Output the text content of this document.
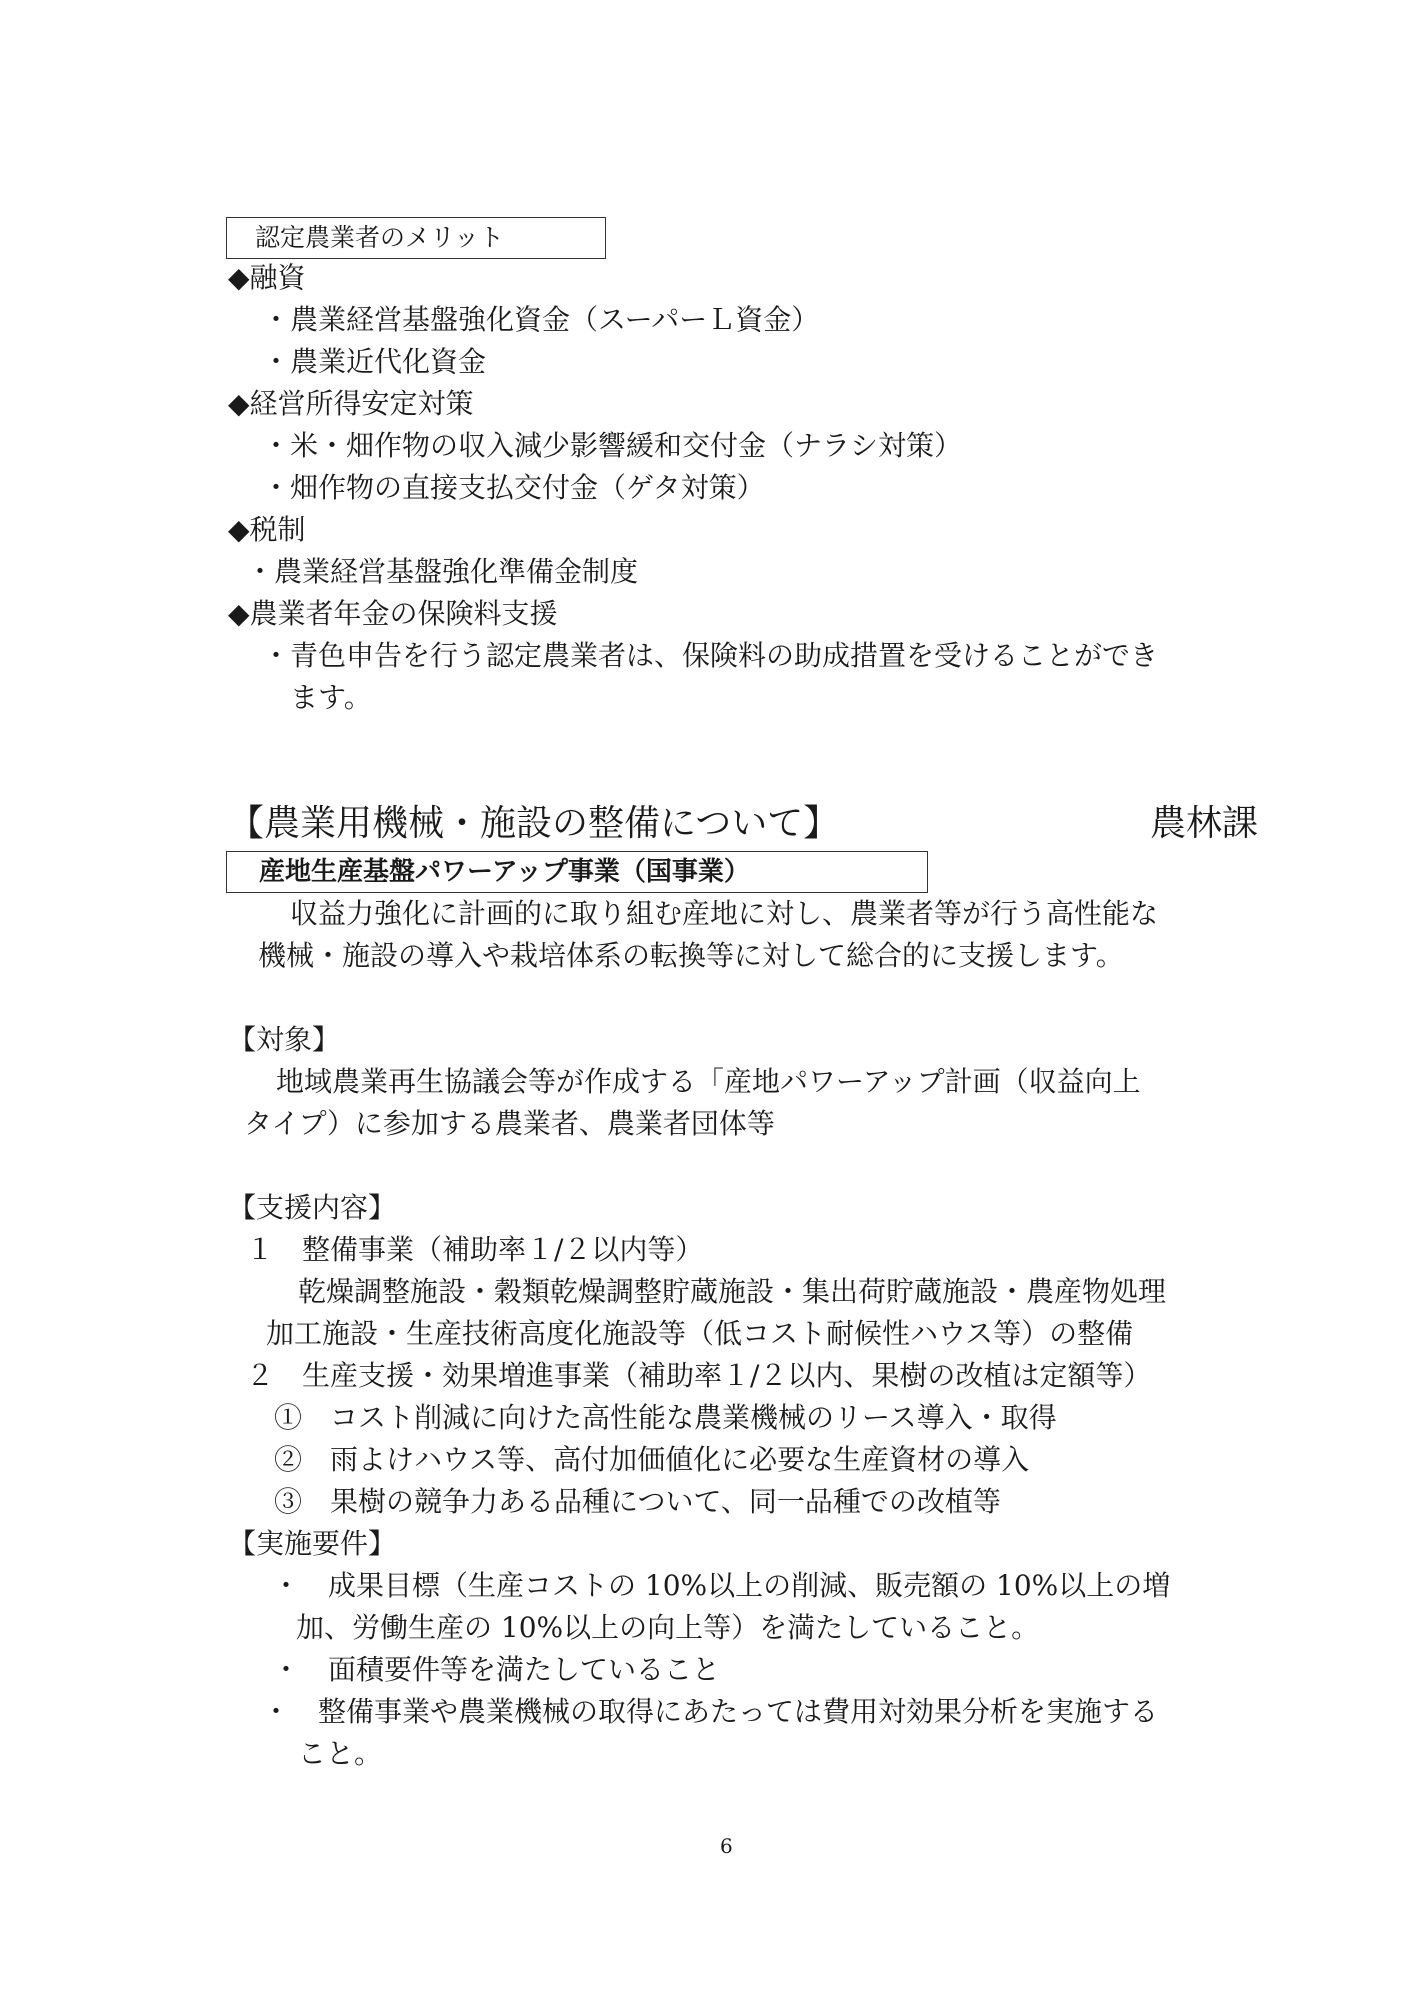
認定農業者のメリット
◆融資
・農業経営基盤強化資金（スーパーＬ資金）
・農業近代化資金
◆経営所得安定対策
・米・畑作物の収入減少影響緩和交付金（ナラシ対策）
・畑作物の直接支払交付金（ゲタ対策）
◆税制
・農業経営基盤強化準備金制度
◆農業者年金の保険料支援
・青色申告を行う認定農業者は、保険料の助成措置を受けることができ
ます。
【農業用機械・施設の整備について】	農林課
産地生産基盤パワーアップ事業（国事業）
収益力強化に計画的に取り組む産地に対し、農業者等が行う高性能な
機械・施設の導入や栽培体系の転換等に対して総合的に支援します。
【対象】
地域農業再生協議会等が作成する「産地パワーアップ計画（収益向上
タイプ）に参加する農業者、農業者団体等
【支援内容】
１　整備事業（補助率１/２以内等）
乾燥調整施設・穀類乾燥調整貯蔵施設・集出荷貯蔵施設・農産物処理
加工施設・生産技術高度化施設等（低コスト耐候性ハウス等）の整備
２　生産支援・効果増進事業（補助率１/２以内、果樹の改植は定額等）
①　コスト削減に向けた高性能な農業機械のリース導入・取得
②　雨よけハウス等、高付加価値化に必要な生産資材の導入
③　果樹の競争力ある品種について、同一品種での改植等
【実施要件】
・　成果目標（生産コストの 10%以上の削減、販売額の 10%以上の増
加、労働生産の 10%以上の向上等）を満たしていること。
・　面積要件等を満たしていること
・　整備事業や農業機械の取得にあたっては費用対効果分析を実施する
こと。
6
